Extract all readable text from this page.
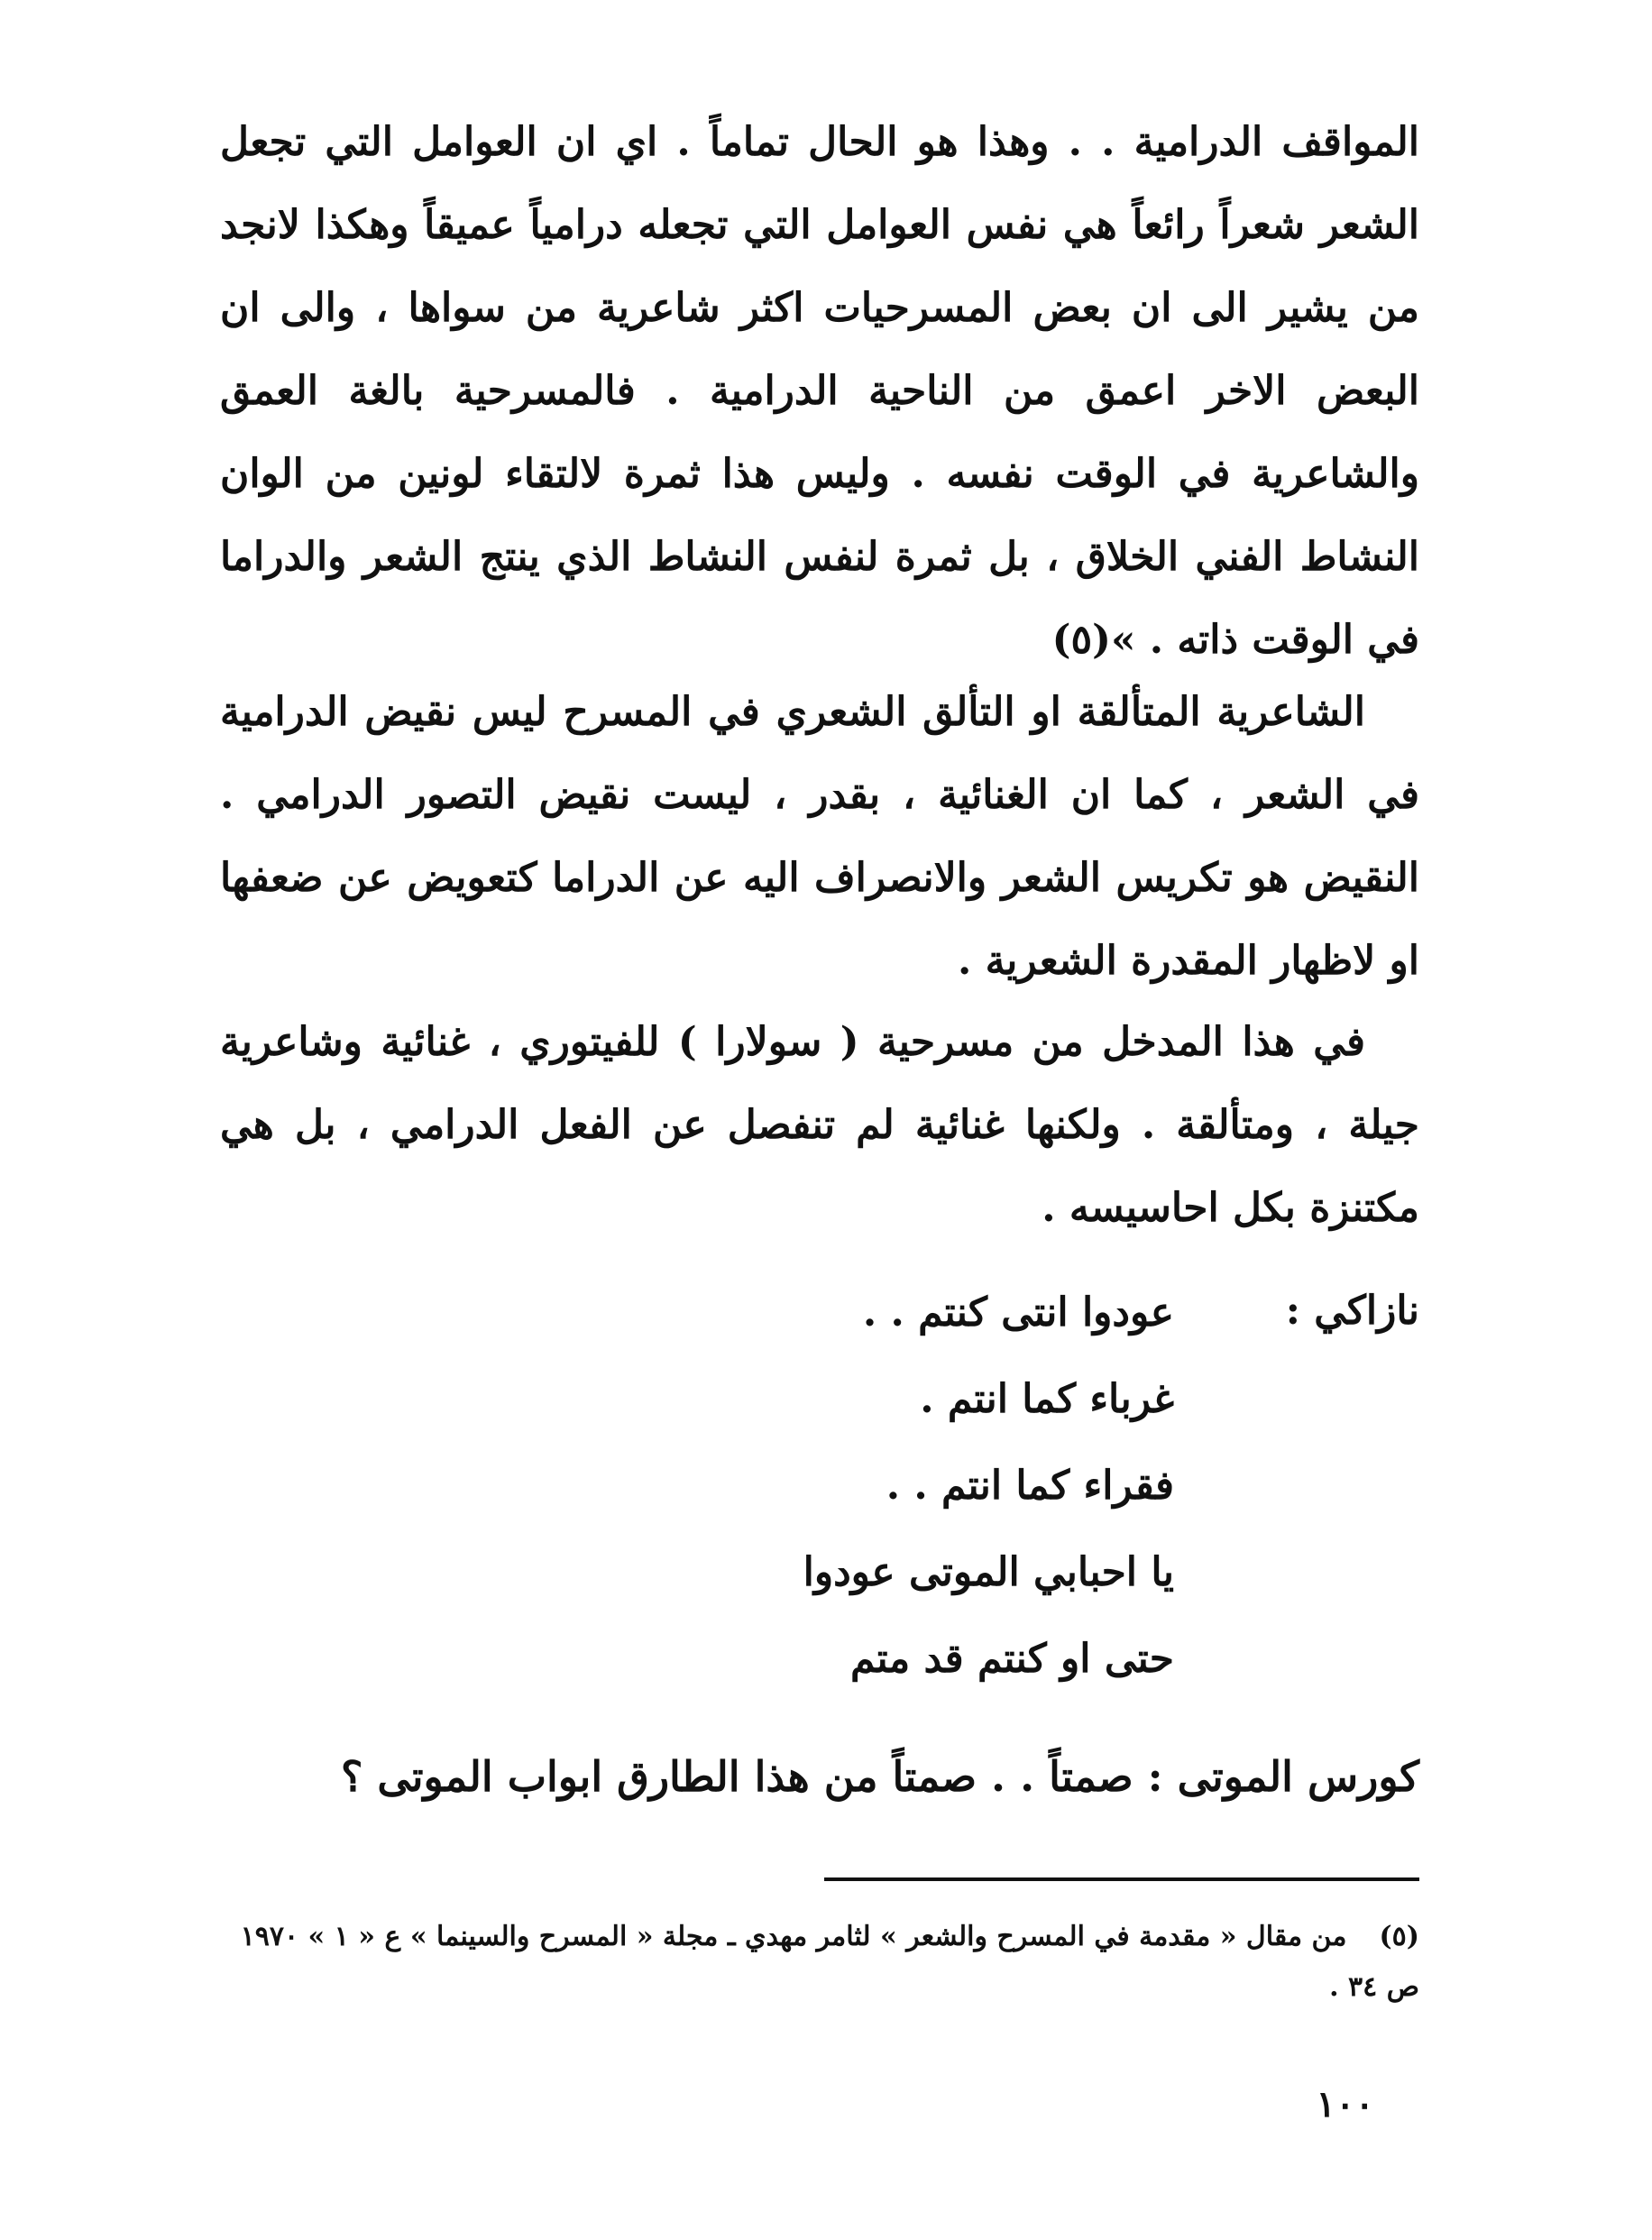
المواقف الدرامية . . وهذا هو الحال تماماً . اي ان العوامل التي تجعل الشعر شعراً رائعاً هي نفس العوامل التي تجعله درامياً عميقاً وهكذا لانجد من يشير الى ان بعض المسرحيات اكثر شاعرية من سواها ، والى ان البعض الاخر اعمق من الناحية الدرامية . فالمسرحية بالغة العمق والشاعرية في الوقت نفسه . وليس هذا ثمرة لالتقاء لونين من الوان النشاط الفني الخلاق ، بل ثمرة لنفس النشاط الذي ينتج الشعر والدراما في الوقت ذاته . »(٥)

الشاعرية المتألقة او التألق الشعري في المسرح ليس نقيض الدرامية في الشعر ، كما ان الغنائية ، بقدر ، ليست نقيض التصور الدرامي . النقيض هو تكريس الشعر والانصراف اليه عن الدراما كتعويض عن ضعفها او لاظهار المقدرة الشعرية .

في هذا المدخل من مسرحية ( سولارا ) للفيتوري ، غنائية وشاعرية جيلة ، ومتألقة . ولكنها غنائية لم تنفصل عن الفعل الدرامي ، بل هي مكتنزة بكل احاسيسه .

نازاكي :
عودوا انتى كنتم . .
غرباء كما انتم .
فقراء كما انتم . .
يا احبابي الموتى عودوا
حتى او كنتم قد متم
كورس الموتى : صمتاً . . صمتاً من هذا الطارق ابواب الموتى ؟
(٥)من مقال « مقدمة في المسرح والشعر » لثامر مهدي ـ مجلة « المسرح والسينما » ع « ١ » ١٩٧٠ ص ٣٤ .
١٠٠
